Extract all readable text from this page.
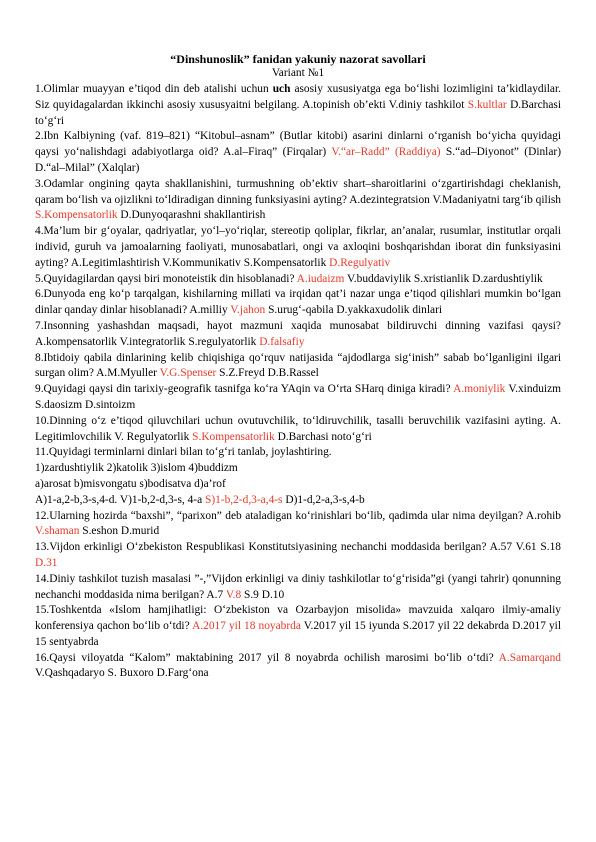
“Dinshunoslik” fanidan yakuniy nazorat savollari

Variant №1

1.Olimlar muayyan e’tiqod din deb atalishi uchun uch asosiy xususiyatga ega bo‘lishi lozimligini ta’kidlaydilar. Siz quyidagalardan ikkinchi asosiy xususyaitni belgilang. A.topinish ob’ekti V.diniy tashkilot S.kultlar D.Barchasi to‘g‘ri

2.Ibn Kalbiyning (vaf. 819–821) “Kitobul–asnam” (Butlar kitobi) asarini dinlarni o‘rganish bo‘yicha quyidagi qaysi yo‘nalishdagi adabiyotlarga oid? A.al–Firaq” (Firqalar) V.“ar–Radd” (Raddiya) S.“ad–Diyonot” (Dinlar) D.“al–Milal” (Xalqlar)

3.Odamlar ongining qayta shakllanishini, turmushning ob’ektiv shart–sharoitlarini o‘zgartirishdagi cheklanish, qaram bo‘lish va ojizlikni to‘ldiradigan dinning funksiyasini ayting? A.dezintegratsion V.Madaniyatni targ‘ib qilish S.Kompensatorlik D.Dunyoqarashni shakllantirish

4.Ma’lum bir g‘oyalar, qadriyatlar, yo‘l–yo‘riqlar, stereotip qoliplar, fikrlar, an’analar, rusumlar, institutlar orqali individ, guruh va jamoalarning faoliyati, munosabatlari, ongi va axloqini boshqarishdan iborat din funksiyasini ayting? A.Legitimlashtirish V.Kommunikativ S.Kompensatorlik D.Regulyativ

5.Quyidagilardan qaysi biri monoteistik din hisoblanadi? A.iudaizm V.buddaviylik S.xristianlik D.zardushtiylik

6.Dunyoda eng ko‘p tarqalgan, kishilarning millati va irqidan qat’i nazar unga e’tiqod qilishlari mumkin bo‘lgan dinlar qanday dinlar hisoblanadi? A.milliy V.jahon S.urug‘-qabila D.yakkaxudolik dinlari

7.Insonning yashashdan maqsadi, hayot mazmuni xaqida munosabat bildiruvchi dinning vazifasi qaysi? A.kompensatorlik V.integratorlik S.regulyatorlik D.falsafiy

8.Ibtidoiy qabila dinlarining kelib chiqishiga qo‘rquv natijasida “ajdodlarga sig‘inish” sabab bo‘lganligini ilgari surgan olim? A.M.Myuller V.G.Spenser S.Z.Freyd D.B.Rassel

9.Quyidagi qaysi din tarixiy-geografik tasnifga ko‘ra YAqin va O‘rta SHarq diniga kiradi? A.moniylik V.xinduizm S.daosizm D.sintoizm

10.Dinning o‘z e’tiqod qiluvchilari uchun ovutuvchilik, to‘ldiruvchilik, tasalli beruvchilik vazifasini ayting. A. Legitimlovchilik V. Regulyatorlik S.Kompensatorlik D.Barchasi noto‘g‘ri

11.Quyidagi terminlarni dinlari bilan to‘g‘ri tanlab, joylashtiring.

1)zardushtiylik 2)katolik 3)islom 4)buddizm

a)arosat b)misvongatu s)bodisatva d)a’rof

A)1-a,2-b,3-s,4-d. V)1-b,2-d,3-s, 4-a S)1-b,2-d,3-a,4-s D)1-d,2-a,3-s,4-b

12.Ularning hozirda “baxshi”, “parixon” deb ataladigan ko‘rinishlari bo‘lib, qadimda ular nima deyilgan? A.rohib V.shaman S.eshon D.murid

13.Vijdon erkinligi O‘zbekiston Respublikasi Konstitutsiyasining nechanchi moddasida berilgan? A.57 V.61 S.18 D.31

14.Diniy tashkilot tuzish masalasi ”-,”Vijdon erkinligi va diniy tashkilotlar to‘g‘risida”gi (yangi tahrir) qonunning nechanchi moddasida nima berilgan? A.7 V.8 S.9 D.10

15.Toshkentda «Islom hamjihatligi: O‘zbekiston va Ozarbayjon misolida» mavzuida xalqaro ilmiy-amaliy konferensiya qachon bo‘lib o‘tdi? A.2017 yil 18 noyabrda V.2017 yil 15 iyunda S.2017 yil 22 dekabrda D.2017 yil 15 sentyabrda

16.Qaysi viloyatda “Kalom” maktabining 2017 yil 8 noyabrda ochilish marosimi bo‘lib o‘tdi? A.Samarqand V.Qashqadaryo S. Buxoro D.Farg‘ona
